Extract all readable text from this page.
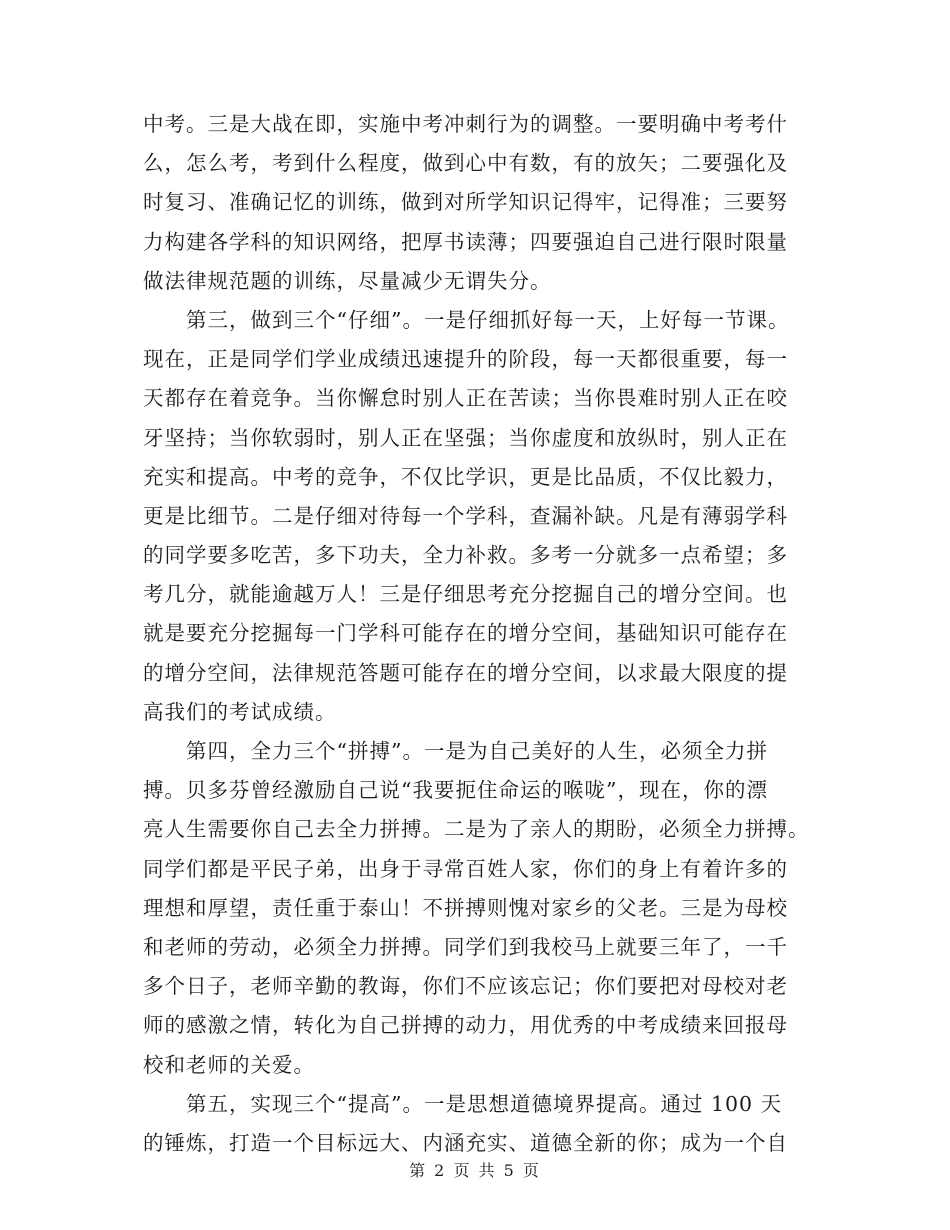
中考。三是大战在即，实施中考冲刺行为的调整。一要明确中考考什
么，怎么考，考到什么程度，做到心中有数，有的放矢；二要强化及
时复习、准确记忆的训练，做到对所学知识记得牢，记得准；三要努
力构建各学科的知识网络，把厚书读薄；四要强迫自己进行限时限量
做法律规范题的训练，尽量减少无谓失分。
　　第三，做到三个“仔细”。一是仔细抓好每一天，上好每一节课。
现在，正是同学们学业成绩迅速提升的阶段，每一天都很重要，每一
天都存在着竞争。当你懈怠时别人正在苦读；当你畏难时别人正在咬
牙坚持；当你软弱时，别人正在坚强；当你虚度和放纵时，别人正在
充实和提高。中考的竞争，不仅比学识，更是比品质，不仅比毅力，
更是比细节。二是仔细对待每一个学科，查漏补缺。凡是有薄弱学科
的同学要多吃苦，多下功夫，全力补救。多考一分就多一点希望；多
考几分，就能逾越万人！三是仔细思考充分挖掘自己的增分空间。也
就是要充分挖掘每一门学科可能存在的增分空间，基础知识可能存在
的增分空间，法律规范答题可能存在的增分空间，以求最大限度的提
高我们的考试成绩。
　　第四，全力三个“拼搏”。一是为自己美好的人生，必须全力拼
搏。贝多芬曾经激励自己说“我要扼住命运的喉咙”，现在，你的漂
亮人生需要你自己去全力拼搏。二是为了亲人的期盼，必须全力拼搏。
同学们都是平民子弟，出身于寻常百姓人家，你们的身上有着许多的
理想和厚望，责任重于泰山！不拼搏则愧对家乡的父老。三是为母校
和老师的劳动，必须全力拼搏。同学们到我校马上就要三年了，一千
多个日子，老师辛勤的教诲，你们不应该忘记；你们要把对母校对老
师的感激之情，转化为自己拼搏的动力，用优秀的中考成绩来回报母
校和老师的关爱。
　　第五，实现三个“提高”。一是思想道德境界提高。通过 100 天
的锤炼，打造一个目标远大、内涵充实、道德全新的你；成为一个自
第 2 页 共 5 页
